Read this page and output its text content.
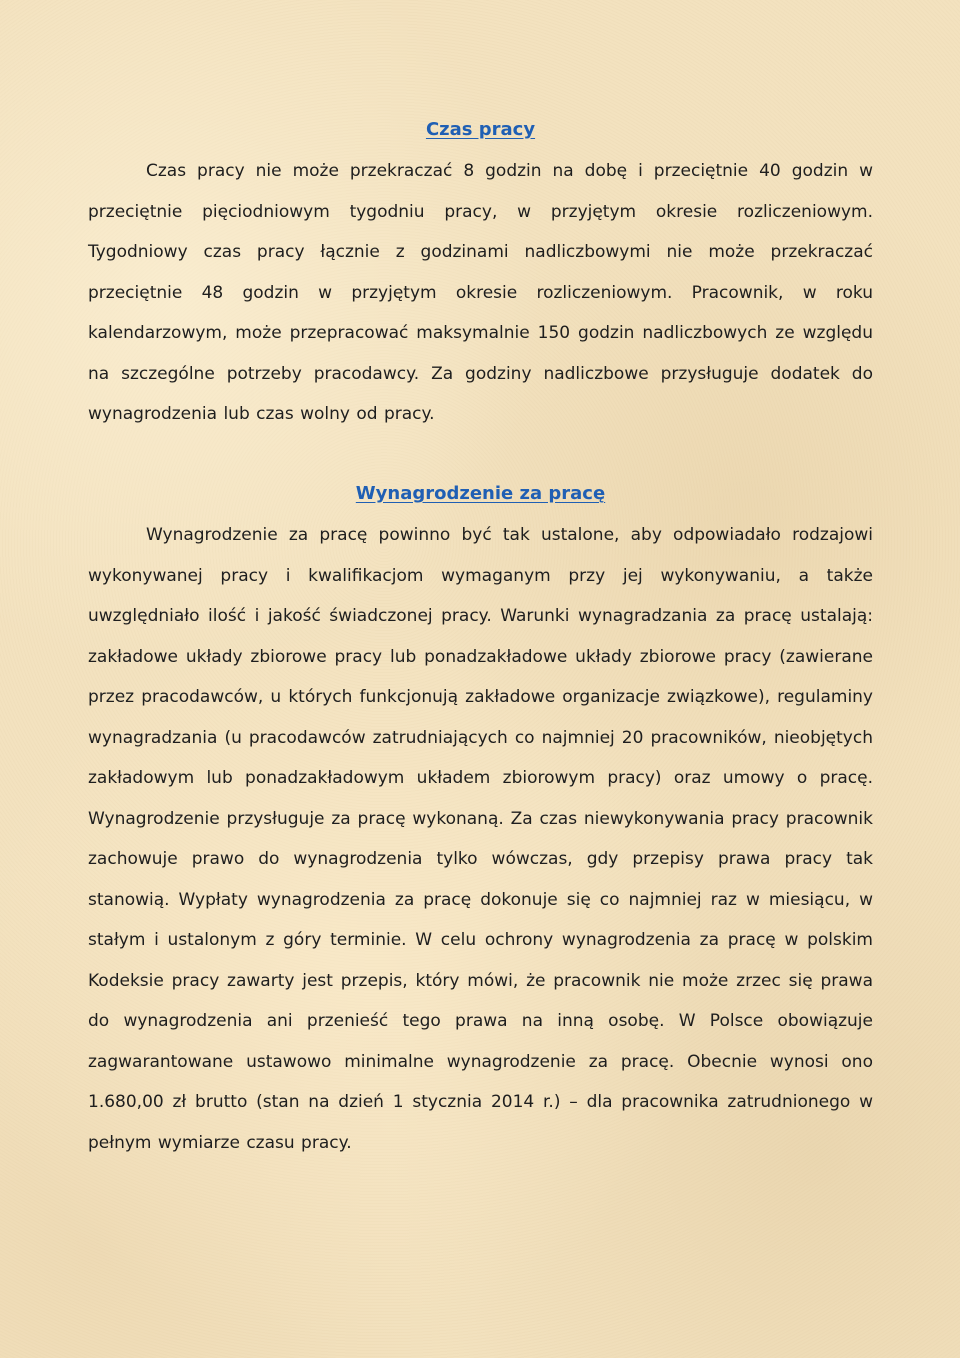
Czas pracy

Czas pracy nie może przekraczać 8 godzin na dobę i przeciętnie 40 godzin w przeciętnie pięciodniowym tygodniu pracy, w przyjętym okresie rozliczeniowym. Tygodniowy czas pracy łącznie z godzinami nadliczbowymi nie może przekraczać przeciętnie 48 godzin w przyjętym okresie rozliczeniowym. Pracownik, w roku kalendarzowym, może przepracować maksymalnie 150 godzin nadliczbowych ze względu na szczególne potrzeby pracodawcy. Za godziny nadliczbowe przysługuje dodatek do wynagrodzenia lub czas wolny od pracy.

Wynagrodzenie za pracę

Wynagrodzenie za pracę powinno być tak ustalone, aby odpowiadało rodzajowi wykonywanej pracy i kwalifikacjom wymaganym przy jej wykonywaniu, a także uwzględniało ilość i jakość świadczonej pracy. Warunki wynagradzania za pracę ustalają: zakładowe układy zbiorowe pracy lub ponadzakładowe układy zbiorowe pracy (zawierane przez pracodawców, u których funkcjonują zakładowe organizacje związkowe), regulaminy wynagradzania (u pracodawców zatrudniających co najmniej 20 pracowników, nieobjętych zakładowym lub ponadzakładowym układem zbiorowym pracy) oraz umowy o pracę. Wynagrodzenie przysługuje za pracę wykonaną. Za czas niewykonywania pracy pracownik zachowuje prawo do wynagrodzenia tylko wówczas, gdy przepisy prawa pracy tak stanowią. Wypłaty wynagrodzenia za pracę dokonuje się co najmniej raz w miesiącu, w stałym i ustalonym z góry terminie. W celu ochrony wynagrodzenia za pracę w polskim Kodeksie pracy zawarty jest przepis, który mówi, że pracownik nie może zrzec się prawa do wynagrodzenia ani przenieść tego prawa na inną osobę. W Polsce obowiązuje zagwarantowane ustawowo minimalne wynagrodzenie za pracę. Obecnie wynosi ono 1.680,00 zł brutto (stan na dzień 1 stycznia 2014 r.) – dla pracownika zatrudnionego w pełnym wymiarze czasu pracy.
